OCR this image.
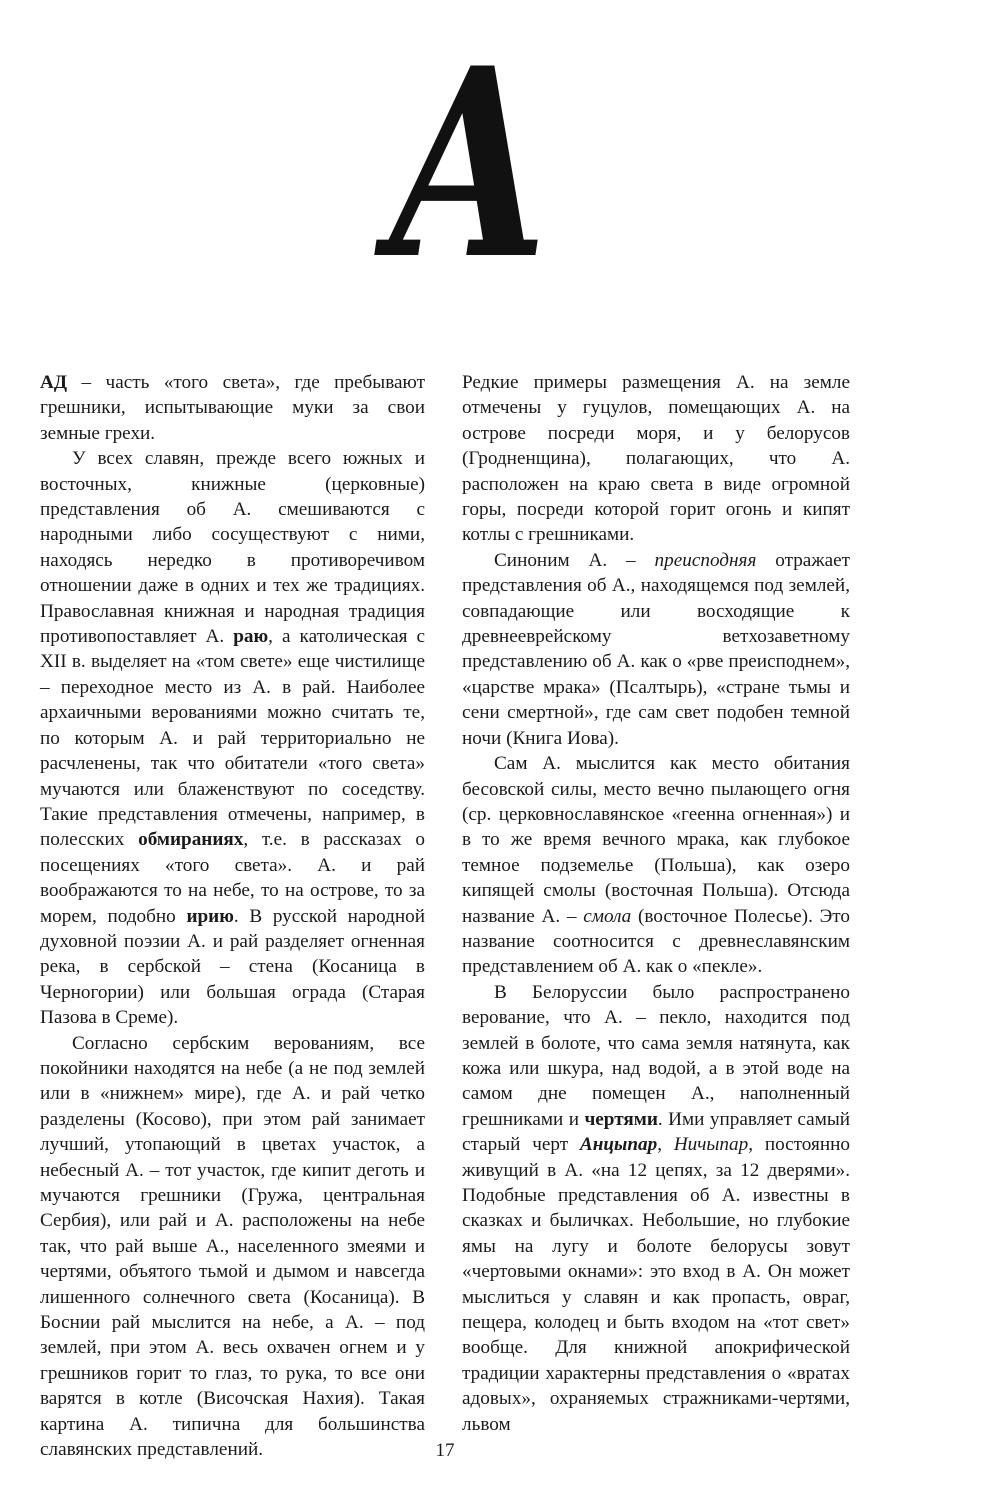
А

АД – часть «того света», где пребывают грешники, испытывающие муки за свои земные грехи.

У всех славян, прежде всего южных и восточных, книжные (церковные) представления об А. смешиваются с народными либо сосуществуют с ними, находясь нередко в противоречивом отношении даже в одних и тех же традициях. Православная книжная и народная традиция противопоставляет А. раю, а католическая с XII в. выделяет на «том свете» еще чистилище – переходное место из А. в рай. Наиболее архаичными верованиями можно считать те, по которым А. и рай территориально не расчленены, так что обитатели «того света» мучаются или блаженствуют по соседству. Такие представления отмечены, например, в полесских обмираниях, т.е. в рассказах о посещениях «того света». А. и рай воображаются то на небе, то на острове, то за морем, подобно ирию. В русской народной духовной поэзии А. и рай разделяет огненная река, в сербской – стена (Косаница в Черногории) или большая ограда (Старая Пазова в Среме).

Согласно сербским верованиям, все покойники находятся на небе (а не под землей или в «нижнем» мире), где А. и рай четко разделены (Косово), при этом рай занимает лучший, утопающий в цветах участок, а небесный А. – тот участок, где кипит деготь и мучаются грешники (Гружа, центральная Сербия), или рай и А. расположены на небе так, что рай выше А., населенного змеями и чертями, объятого тьмой и дымом и навсегда лишенного солнечного света (Косаница). В Боснии рай мыслится на небе, а А. – под землей, при этом А. весь охвачен огнем и у грешников горит то глаз, то рука, то все они варятся в котле (Височская Нахия). Такая картина А. типична для большинства славянских представлений.

Редкие примеры размещения А. на земле отмечены у гуцулов, помещающих А. на острове посреди моря, и у белорусов (Гродненщина), полагающих, что А. расположен на краю света в виде огромной горы, посреди которой горит огонь и кипят котлы с грешниками.

Синоним А. – преисподняя отражает представления об А., находящемся под землей, совпадающие или восходящие к древнееврейскому ветхозаветному представлению об А. как о «рве преисподнем», «царстве мрака» (Псалтырь), «стране тьмы и сени смертной», где сам свет подобен темной ночи (Книга Иова).

Сам А. мыслится как место обитания бесовской силы, место вечно пылающего огня (ср. церковнославянское «геенна огненная») и в то же время вечного мрака, как глубокое темное подземелье (Польша), как озеро кипящей смолы (восточная Польша). Отсюда название А. – смола (восточное Полесье). Это название соотносится с древнеславянским представлением об А. как о «пекле».

В Белоруссии было распространено верование, что А. – пекло, находится под землей в болоте, что сама земля натянута, как кожа или шкура, над водой, а в этой воде на самом дне помещен А., наполненный грешниками и чертями. Ими управляет самый старый черт Анцыпар, Ничыпар, постоянно живущий в А. «на 12 цепях, за 12 дверями». Подобные представления об А. известны в сказках и быличках. Небольшие, но глубокие ямы на лугу и болоте белорусы зовут «чертовыми окнами»: это вход в А. Он может мыслиться у славян и как пропасть, овраг, пещера, колодец и быть входом на «тот свет» вообще. Для книжной апокрифической традиции характерны представления о «вратах адовых», охраняемых стражниками-чертями, львом

17
